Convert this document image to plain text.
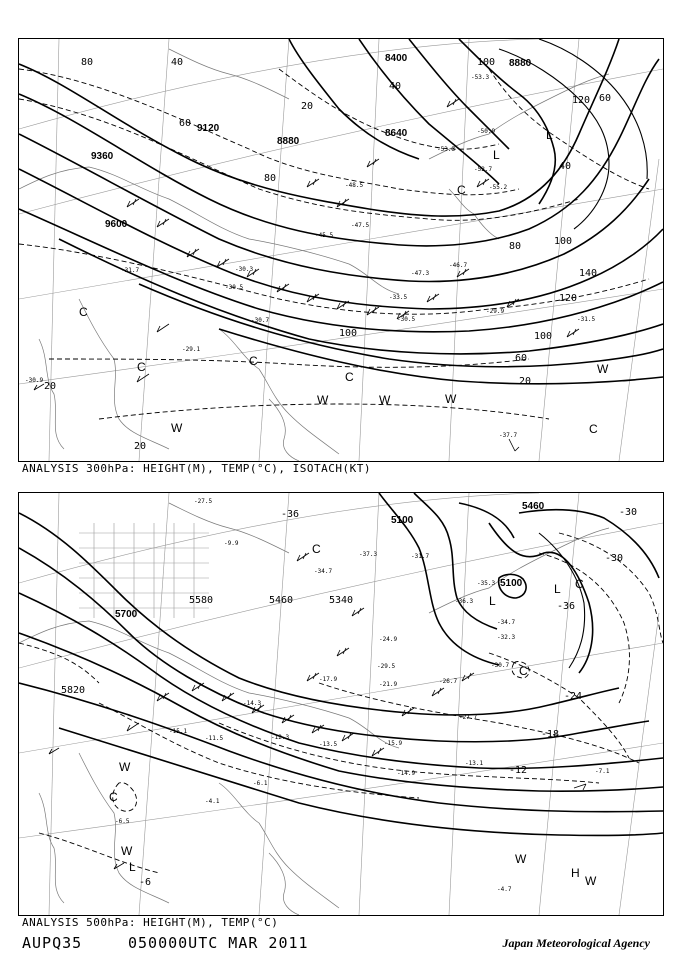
8400	8880
9120
8880
8640
9360
9600
80	40
60
100
40
120
80
100
120
140
100
80
60
40
20
20
20
60
20
100
-53.3
-50.9
-52.7
-55.2
-53.3
-46.7
-48.5
-47.5
-47.3
-45.5
-30.5
-33.5
-29.9
-30.3
-30.7
-29.1
-30.5
-30.9
-31.7
-31.5
-37.7
L
L
C
C
C	C
C
C
W	W	W
W
W
ANALYSIS 300hPa: HEIGHT(M), TEMP(°C), ISOTACH(KT)
5100
5460
5100
5700
5580	5460	5340
5820
-36
-30
-36
-24
-18
-12
-6
-30
-27.5
-34.7
-37.3	-31.7
-36.3
-35.3
-34.7
-32.3
-30.7
-26.7
-27.7
-24.9
-29.5
-21.9
-17.9
-14.3
-12.3
-11.5
-13.5	-15.9
-14.9
-13.1
-7.1
-6.1
-4.1
-4.7
-6.5
-9.9
-15.1
L
L
L
C
C
C
C
W
W
W
H
W
ANALYSIS 500hPa: HEIGHT(M), TEMP(°C)
AUPQ35	050000UTC MAR 2011	Japan Meteorological Agency
